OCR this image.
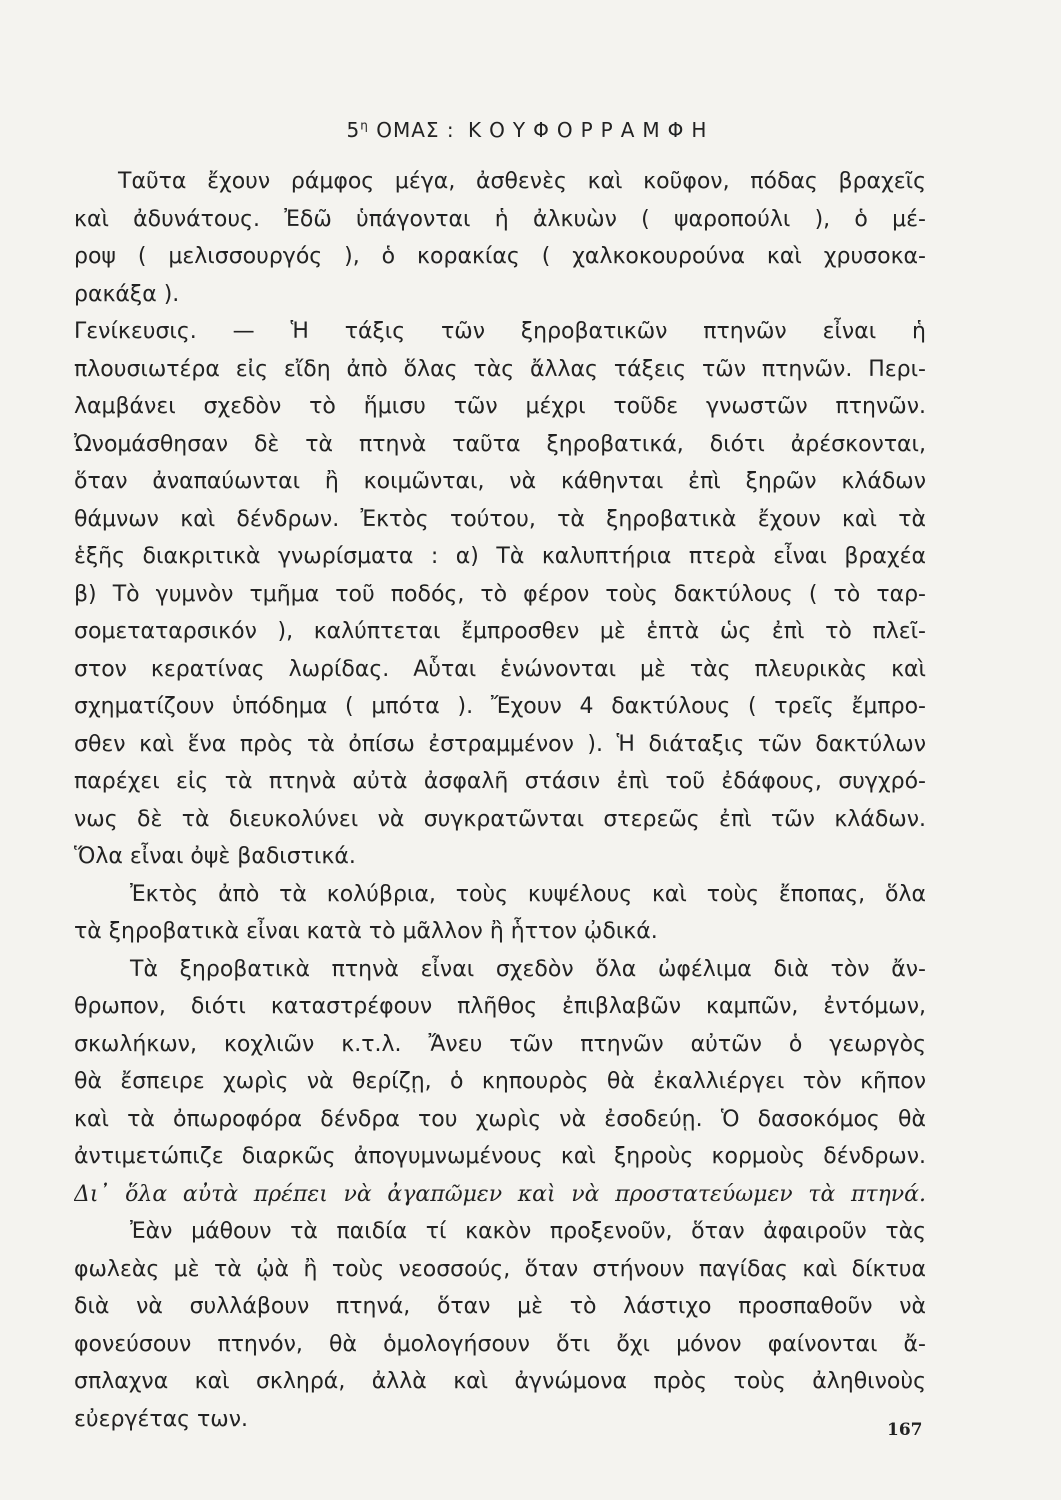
$5^\eta$ ΟΜΑΣ : ΚΟΥΦΟΡΡΑΜΦΗ
Ταῦτα ἔχουν ράμφος μέγα, ἀσθενὲς καὶ κοῦφον, πόδας βραχεῖς
καὶ ἀδυνάτους. Ἐδῶ ὑπάγονται ἡ ἀλκυὼν ( ψαροπούλι ), ὁ μέ-
ροψ ( μελισσουργός ), ὁ κορακίας ( χαλκοκουρούνα καὶ χρυσοκα-
ρακάξα ).
Γενίκευσις. — Ἡ τάξις τῶν ξηροβατικῶν πτηνῶν εἶναι ἡ
πλουσιωτέρα εἰς εἴδη ἀπὸ ὅλας τὰς ἄλλας τάξεις τῶν πτηνῶν. Περι-
λαμβάνει σχεδὸν τὸ ἥμισυ τῶν μέχρι τοῦδε γνωστῶν πτηνῶν.
Ὠνομάσθησαν δὲ τὰ πτηνὰ ταῦτα ξηροβατικά, διότι ἀρέσκονται,
ὅταν ἀναπαύωνται ἢ κοιμῶνται, νὰ κάθηνται ἐπὶ ξηρῶν κλάδων
θάμνων καὶ δένδρων. Ἐκτὸς τούτου, τὰ ξηροβατικὰ ἔχουν καὶ τὰ
ἑξῆς διακριτικὰ γνωρίσματα : α) Τὰ καλυπτήρια πτερὰ εἶναι βραχέα
β) Τὸ γυμνὸν τμῆμα τοῦ ποδός, τὸ φέρον τοὺς δακτύλους ( τὸ ταρ-
σομεταταρσικόν ), καλύπτεται ἔμπροσθεν μὲ ἑπτὰ ὡς ἐπὶ τὸ πλεῖ-
στον κερατίνας λωρίδας. Αὗται ἑνώνονται μὲ τὰς πλευρικὰς καὶ
σχηματίζουν ὑπόδημα ( μπότα ). Ἔχουν 4 δακτύλους ( τρεῖς ἔμπρο-
σθεν καὶ ἕνα πρὸς τὰ ὀπίσω ἐστραμμένον ). Ἡ διάταξις τῶν δακτύλων
παρέχει εἰς τὰ πτηνὰ αὐτὰ ἀσφαλῆ στάσιν ἐπὶ τοῦ ἐδάφους, συγχρό-
νως δὲ τὰ διευκολύνει νὰ συγκρατῶνται στερεῶς ἐπὶ τῶν κλάδων.
Ὅλα εἶναι ὀψὲ βαδιστικά.
Ἐκτὸς ἀπὸ τὰ κολύβρια, τοὺς κυψέλους καὶ τοὺς ἔποπας, ὅλα
τὰ ξηροβατικὰ εἶναι κατὰ τὸ μᾶλλον ἢ ἧττον ᾠδικά.
Τὰ ξηροβατικὰ πτηνὰ εἶναι σχεδὸν ὅλα ὠφέλιμα διὰ τὸν ἄν-
θρωπον, διότι καταστρέφουν πλῆθος ἐπιβλαβῶν καμπῶν, ἐντόμων,
σκωλήκων, κοχλιῶν κ.τ.λ. Ἄνευ τῶν πτηνῶν αὐτῶν ὁ γεωργὸς
θὰ ἔσπειρε χωρὶς νὰ θερίζῃ, ὁ κηπουρὸς θὰ ἐκαλλιέργει τὸν κῆπον
καὶ τὰ ὀπωροφόρα δένδρα του χωρὶς νὰ ἐσοδεύῃ. Ὁ δασοκόμος θὰ
ἀντιμετώπιζε διαρκῶς ἀπογυμνωμένους καὶ ξηροὺς κορμοὺς δένδρων.
Δι᾽ ὅλα αὐτὰ πρέπει νὰ ἀγαπῶμεν καὶ νὰ προστατεύωμεν τὰ πτηνά.
Ἐὰν μάθουν τὰ παιδία τί κακὸν προξενοῦν, ὅταν ἀφαιροῦν τὰς
φωλεὰς μὲ τὰ ᾠὰ ἢ τοὺς νεοσσούς, ὅταν στήνουν παγίδας καὶ δίκτυα
διὰ νὰ συλλάβουν πτηνά, ὅταν μὲ τὸ λάστιχο προσπαθοῦν νὰ
φονεύσουν πτηνόν, θὰ ὁμολογήσουν ὅτι ὄχι μόνον φαίνονται ἄ-
σπλαχνα καὶ σκληρά, ἀλλὰ καὶ ἀγνώμονα πρὸς τοὺς ἀληθινοὺς
εὐεργέτας των.	167
